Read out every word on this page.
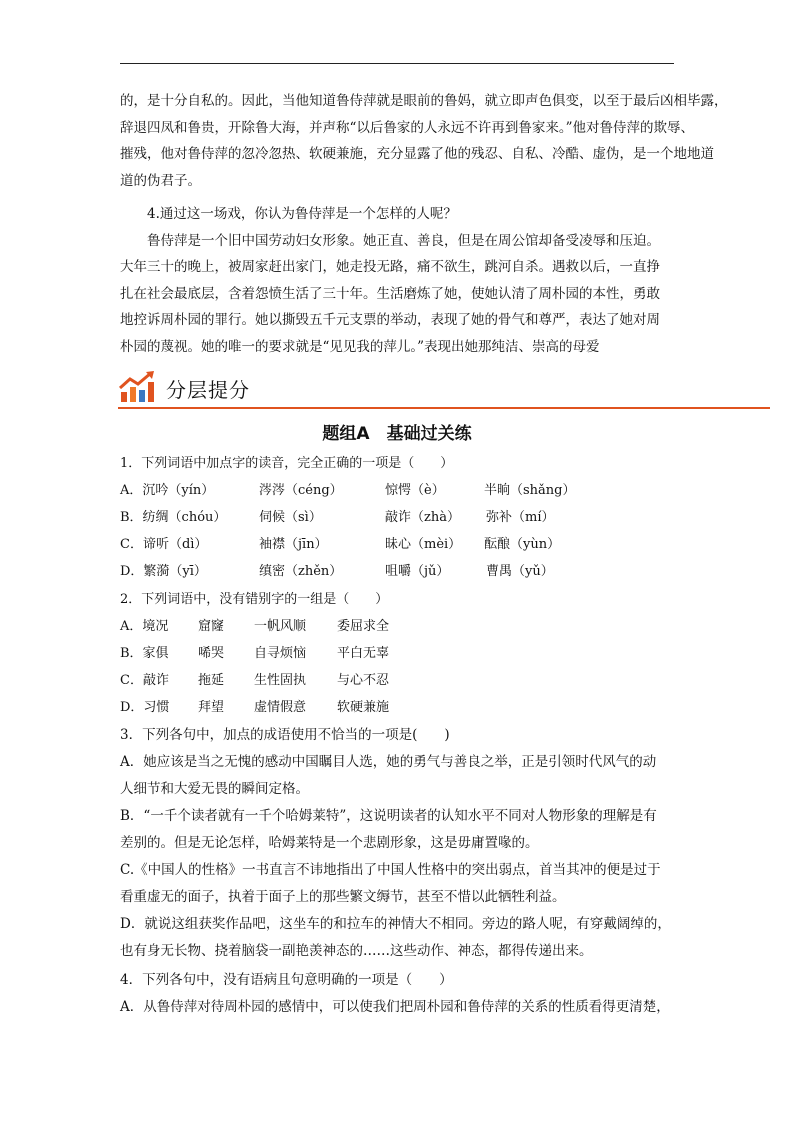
的，是十分自私的。因此，当他知道鲁侍萍就是眼前的鲁妈，就立即声色俱变，以至于最后凶相毕露，

辞退四凤和鲁贵，开除鲁大海，并声称“以后鲁家的人永远不许再到鲁家来。”他对鲁侍萍的欺辱、

摧残，他对鲁侍萍的忽冷忽热、软硬兼施，充分显露了他的残忍、自私、冷酷、虚伪，是一个地地道

道的伪君子。

4.通过这一场戏，你认为鲁侍萍是一个怎样的人呢？

鲁侍萍是一个旧中国劳动妇女形象。她正直、善良，但是在周公馆却备受凌辱和压迫。

大年三十的晚上，被周家赶出家门，她走投无路，痛不欲生，跳河自杀。遇救以后，一直挣

扎在社会最底层，含着怨愤生活了三十年。生活磨炼了她，使她认清了周朴园的本性，勇敢

地控诉周朴园的罪行。她以撕毁五千元支票的举动，表现了她的骨气和尊严，表达了她对周

朴园的蔑视。她的唯一的要求就是“见见我的萍儿。”表现出她那纯洁、崇高的母爱

分层提分
题组A　基础过关练
1．下列词语中加点字的读音，完全正确的一项是（　　）
A．沉吟（yín）	涔涔（céng）	惊愕（è）	半晌（shǎng）
B．纺绸（chóu）	伺候（sì）	敲诈（zhà） 弥补（mí）
C．谛听（dì）	袖襟（jīn）	昧心（mèi） 酝酿（yùn）
D．繁漪（yī）	缜密（zhěn）	咀嚼（jǔ）	曹禺（yǔ）
2．下列词语中，没有错别字的一组是（　　）
A．境况 窟窿 一帆风顺 委屈求全
B．家俱 唏哭 自寻烦恼 平白无辜
C．敲诈 拖延 生性固执 与心不忍
D．习惯 拜望 虚情假意 软硬兼施
3．下列各句中，加点的成语使用不恰当的一项是(　　)
A．她应该是当之无愧的感动中国瞩目人选，她的勇气与善良之举，正是引领时代风气的动
人细节和大爱无畏的瞬间定格。
B．“一千个读者就有一千个哈姆莱特”，这说明读者的认知水平不同对人物形象的理解是有
差别的。但是无论怎样，哈姆莱特是一个悲剧形象，这是毋庸置喙的。
C.《中国人的性格》一书直言不讳地指出了中国人性格中的突出弱点，首当其冲的便是过于
看重虚无的面子，执着于面子上的那些繁文缛节，甚至不惜以此牺牲利益。
D．就说这组获奖作品吧，这坐车的和拉车的神情大不相同。旁边的路人呢，有穿戴阔绰的，
也有身无长物、挠着脑袋一副艳羡神态的……这些动作、神态，都得传递出来。
4．下列各句中，没有语病且句意明确的一项是（　　）
A．从鲁侍萍对待周朴园的感情中，可以使我们把周朴园和鲁侍萍的关系的性质看得更清楚，
